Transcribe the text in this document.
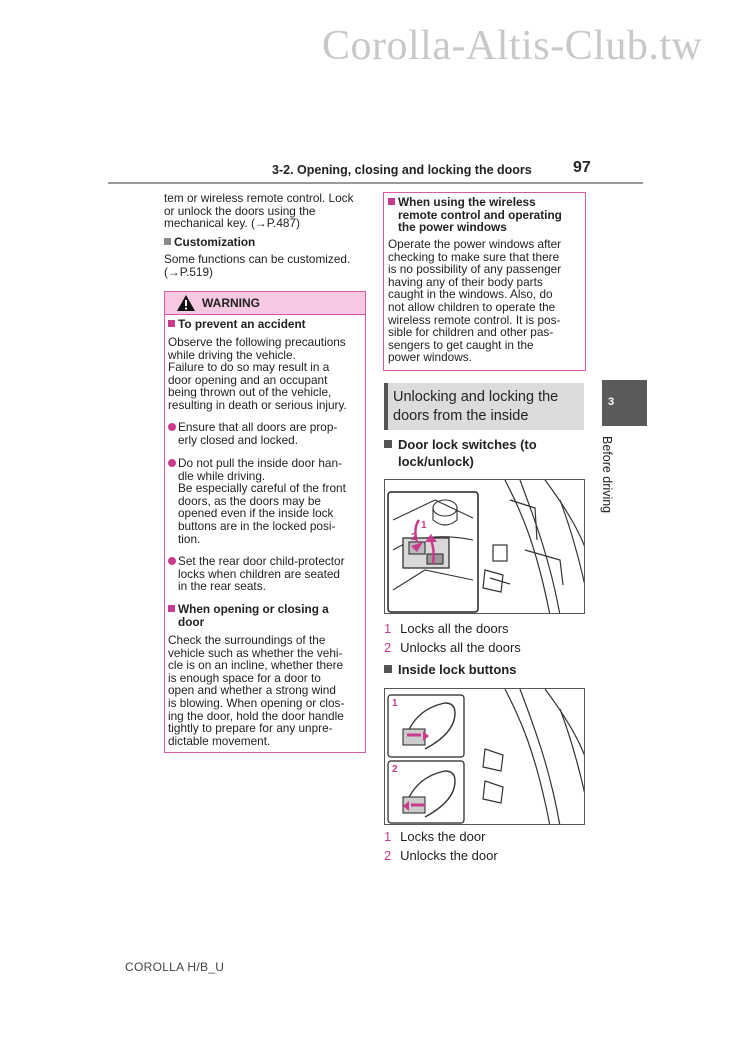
Corolla-Altis-Club.tw
3-2. Opening, closing and locking the doors	97
tem or wireless remote control. Lock
or unlock the doors using the
mechanical key. (→P.487)
Customization
Some functions can be customized.
(→P.519)
WARNING
To prevent an accident
Observe the following precautions
while driving the vehicle.
Failure to do so may result in a
door opening and an occupant
being thrown out of the vehicle,
resulting in death or serious injury.
Ensure that all doors are prop-
erly closed and locked.
Do not pull the inside door han-
dle while driving.
Be especially careful of the front
doors, as the doors may be
opened even if the inside lock
buttons are in the locked posi-
tion.
Set the rear door child-protector
locks when children are seated
in the rear seats.
When opening or closing a
door
Check the surroundings of the
vehicle such as whether the vehi-
cle is on an incline, whether there
is enough space for a door to
open and whether a strong wind
is blowing. When opening or clos-
ing the door, hold the door handle
tightly to prepare for any unpre-
dictable movement.
When using the wireless
remote control and operating
the power windows
Operate the power windows after
checking to make sure that there
is no possibility of any passenger
having any of their body parts
caught in the windows. Also, do
not allow children to operate the
wireless remote control. It is pos-
sible for children and other pas-
sengers to get caught in the
power windows.
Unlocking and locking the
doors from the inside
Door lock switches (to
lock/unlock)
1
2
1 Locks all the doors
2 Unlocks all the doors
Inside lock buttons
1
2
1 Locks the door
2 Unlocks the door
3
Before driving
COROLLA H/B_U
